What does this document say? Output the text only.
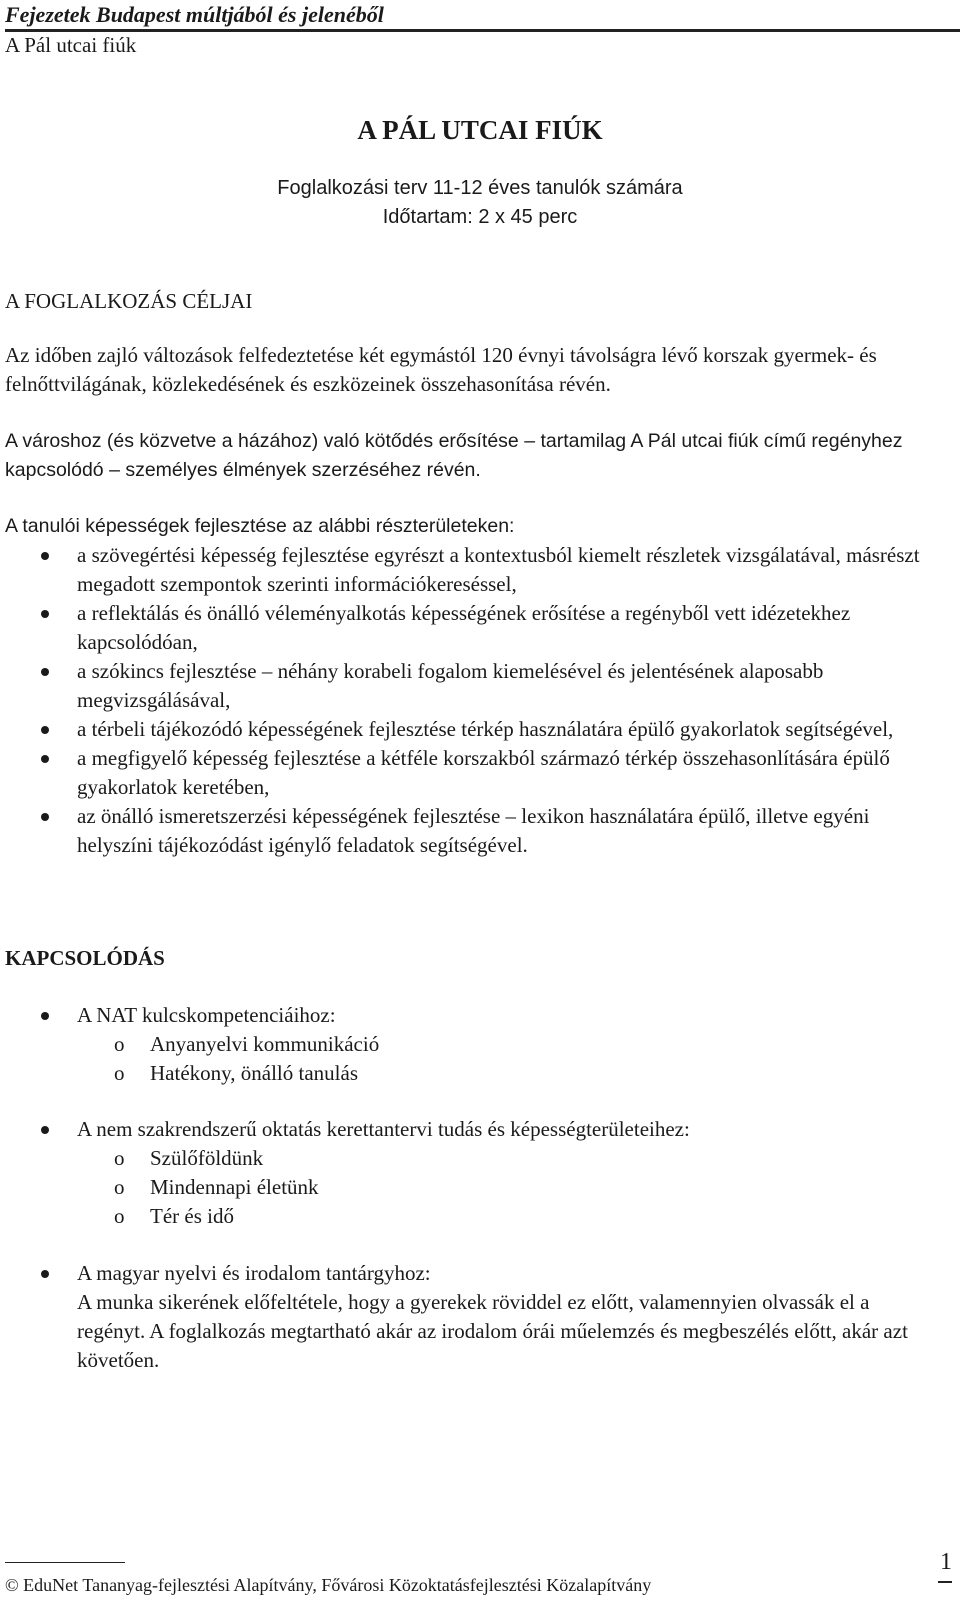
Fejezetek Budapest múltjából és jelenéből
A Pál utcai fiúk
A PÁL UTCAI FIÚK
Foglalkozási terv 11-12 éves tanulók számára
Időtartam: 2 x 45 perc
A FOGLALKOZÁS CÉLJAI

Az időben zajló változások felfedeztetése két egymástól 120 évnyi távolságra lévő korszak gyermek- és felnőttvilágának, közlekedésének és eszközeinek összehasonítása révén.

A városhoz (és közvetve a házához) való kötődés erősítése – tartamilag A Pál utcai fiúk című regényhez kapcsolódó – személyes élmények szerzéséhez révén.

A tanulói képességek fejlesztése az alábbi részterületeken:

a szövegértési képesség fejlesztése egyrészt a kontextusból kiemelt részletek vizsgálatával, másrészt megadott szempontok szerinti információkereséssel,
a reflektálás és önálló véleményalkotás képességének erősítése a regényből vett idézetekhez kapcsolódóan,
a szókincs fejlesztése – néhány korabeli fogalom kiemelésével és jelentésének alaposabb megvizsgálásával,
a térbeli tájékozódó képességének fejlesztése térkép használatára épülő gyakorlatok segítségével,
a megfigyelő képesség fejlesztése a kétféle korszakból származó térkép összehasonlítására épülő gyakorlatok keretében,
az önálló ismeretszerzési képességének fejlesztése – lexikon használatára épülő, illetve egyéni helyszíni tájékozódást igénylő feladatok segítségével.
KAPCSOLÓDÁS
A NAT kulcskompetenciáihoz:
o Anyanyelvi kommunikáció
o Hatékony, önálló tanulás
A nem szakrendszerű oktatás kerettantervi tudás és képességterületeihez:
o Szülőföldünk
o Mindennapi életünk
o Tér és idő
A magyar nyelvi és irodalom tantárgyhoz:
A munka sikerének előfeltétele, hogy a gyerekek röviddel ez előtt, valamennyien olvassák el a regényt. A foglalkozás megtartható akár az irodalom órái műelemzés és megbeszélés előtt, akár azt követően.
© EduNet Tananyag-fejlesztési Alapítvány, Fővárosi Közoktatásfejlesztési Közalapítvány
1
